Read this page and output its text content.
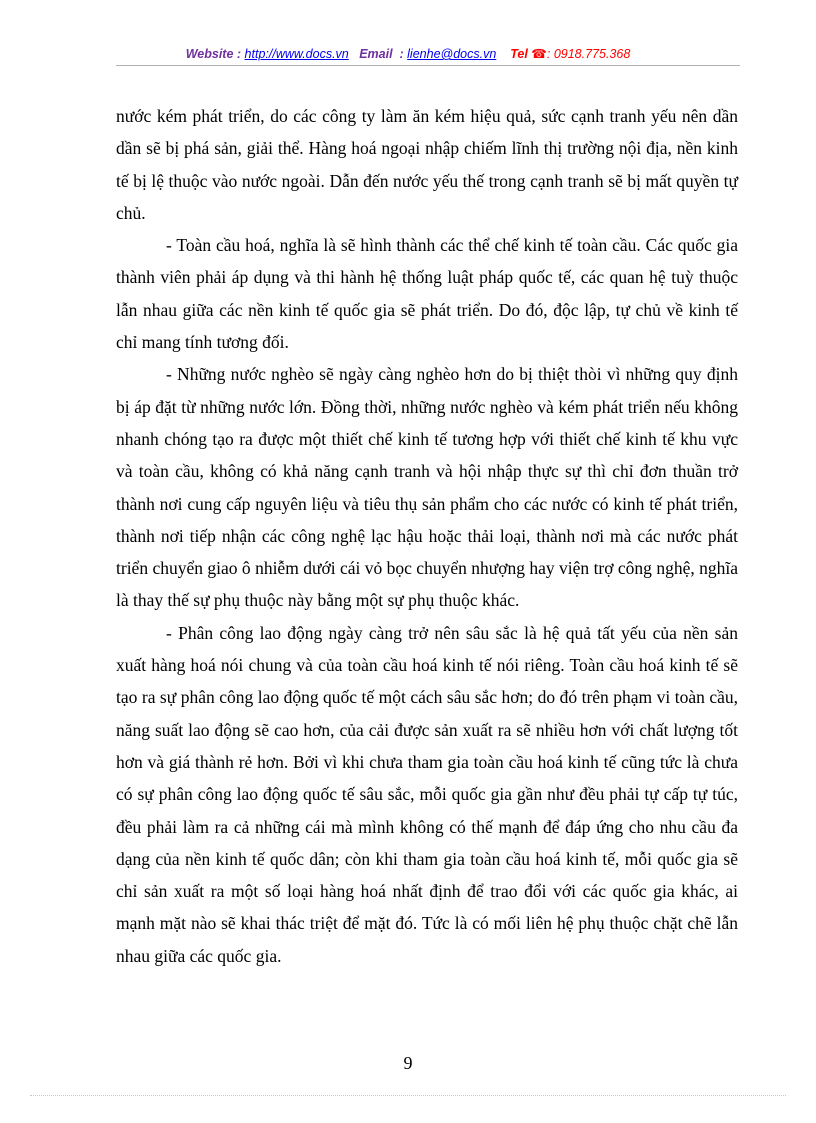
Website : http://www.docs.vn Email : lienhe@docs.vn Tel ☎: 0918.775.368

nước kém phát triển, do các công ty làm ăn kém hiệu quả, sức cạnh tranh yếu nên dần dần sẽ bị phá sản, giải thể. Hàng hoá ngoại nhập chiếm lĩnh thị trường nội địa, nền kinh tế bị lệ thuộc vào nước ngoài. Dẫn đến nước yếu thế trong cạnh tranh sẽ bị mất quyền tự chủ.

- Toàn cầu hoá, nghĩa là sẽ hình thành các thể chế kinh tế toàn cầu. Các quốc gia thành viên phải áp dụng và thi hành hệ thống luật pháp quốc tế, các quan hệ tuỳ thuộc lẫn nhau giữa các nền kinh tế quốc gia sẽ phát triển. Do đó, độc lập, tự chủ về kinh tế chỉ mang tính tương đối.

- Những nước nghèo sẽ ngày càng nghèo hơn do bị thiệt thòi vì những quy định bị áp đặt từ những nước lớn. Đồng thời, những nước nghèo và kém phát triển nếu không nhanh chóng tạo ra được một thiết chế kinh tế tương hợp với thiết chế kinh tế khu vực và toàn cầu, không có khả năng cạnh tranh và hội nhập thực sự thì chỉ đơn thuần trở thành nơi cung cấp nguyên liệu và tiêu thụ sản phẩm cho các nước có kinh tế phát triển, thành nơi tiếp nhận các công nghệ lạc hậu hoặc thải loại, thành nơi mà các nước phát triển chuyển giao ô nhiễm dưới cái vỏ bọc chuyển nhượng hay viện trợ công nghệ, nghĩa là thay thế sự phụ thuộc này bằng một sự phụ thuộc khác.

- Phân công lao động ngày càng trở nên sâu sắc là hệ quả tất yếu của nền sản xuất hàng hoá nói chung và của toàn cầu hoá kinh tế nói riêng. Toàn cầu hoá kinh tế sẽ tạo ra sự phân công lao động quốc tế một cách sâu sắc hơn; do đó trên phạm vi toàn cầu, năng suất lao động sẽ cao hơn, của cải được sản xuất ra sẽ nhiều hơn với chất lượng tốt hơn và giá thành rẻ hơn. Bởi vì khi chưa tham gia toàn cầu hoá kinh tế cũng tức là chưa có sự phân công lao động quốc tế sâu sắc, mỗi quốc gia gần như đều phải tự cấp tự túc, đều phải làm ra cả những cái mà mình không có thế mạnh để đáp ứng cho nhu cầu đa dạng của nền kinh tế quốc dân; còn khi tham gia toàn cầu hoá kinh tế, mỗi quốc gia sẽ chỉ sản xuất ra một số loại hàng hoá nhất định để trao đổi với các quốc gia khác, ai mạnh mặt nào sẽ khai thác triệt để mặt đó. Tức là có mối liên hệ phụ thuộc chặt chẽ lẫn nhau giữa các quốc gia.

9
